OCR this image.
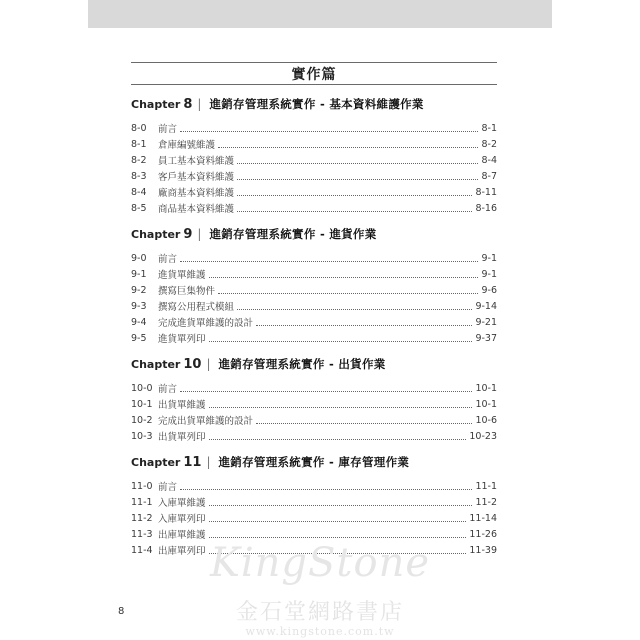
實作篇
Chapter 8 | 進銷存管理系統實作 - 基本資料維護作業
8-0	前言	8-1
8-1	倉庫編號維護	8-2
8-2	員工基本資料維護	8-4
8-3	客戶基本資料維護	8-7
8-4	廠商基本資料維護	8-11
8-5	商品基本資料維護	8-16
Chapter 9 | 進銷存管理系統實作 - 進貨作業
9-0	前言	9-1
9-1	進貨單維護	9-1
9-2	撰寫巨集物件	9-6
9-3	撰寫公用程式模組	9-14
9-4	完成進貨單維護的設計	9-21
9-5	進貨單列印	9-37
Chapter 10 | 進銷存管理系統實作 - 出貨作業
10-0 前言	10-1
10-1 出貨單維護	10-1
10-2 完成出貨單維護的設計	10-6
10-3 出貨單列印	10-23
Chapter 11 | 進銷存管理系統實作 - 庫存管理作業
11-0 前言	11-1
11-1 入庫單維護	11-2
11-2 入庫單列印	11-14
11-3 出庫單維護	11-26
11-4 出庫單列印	11-39
KingStone
金石堂網路書店
www.kingstone.com.tw
8
